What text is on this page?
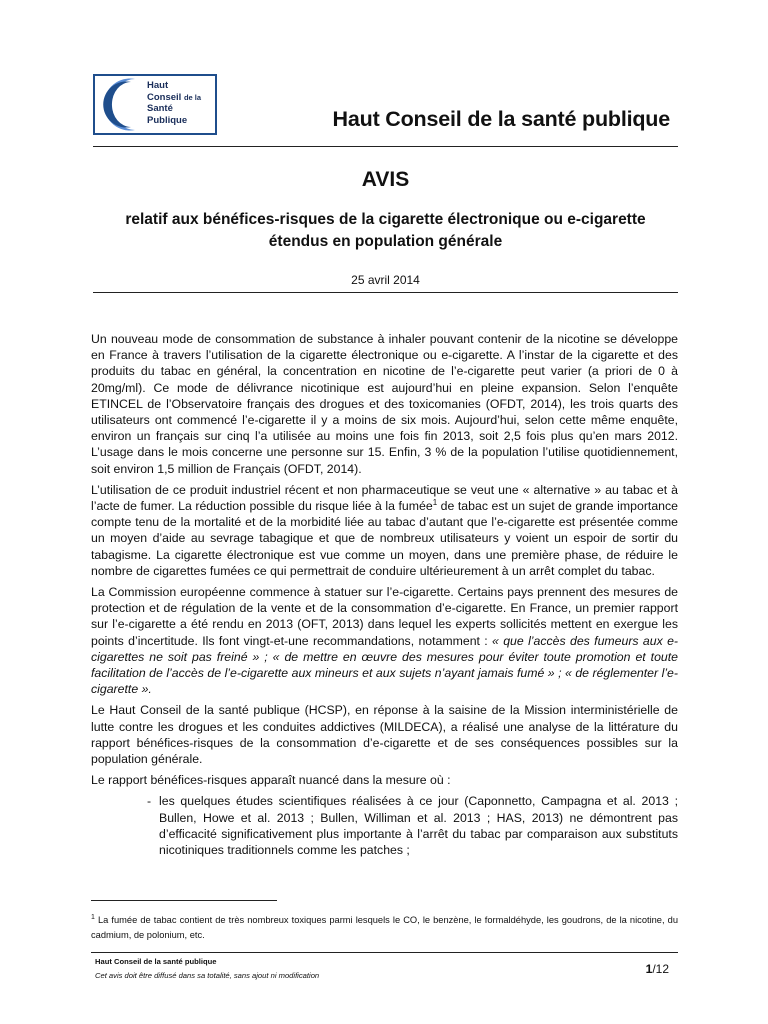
Haut
Conseil de la
Santé
Publique	Haut Conseil de la santé publique
AVIS
relatif aux bénéfices-risques de la cigarette électronique ou e-cigarette
étendus en population générale
25 avril 2014

Un nouveau mode de consommation de substance à inhaler pouvant contenir de la nicotine se développe en France à travers l’utilisation de la cigarette électronique ou e-cigarette. A l’instar de la cigarette et des produits du tabac en général, la concentration en nicotine de l’e-cigarette peut varier (a priori de 0 à 20mg/ml). Ce mode de délivrance nicotinique est aujourd’hui en pleine expansion. Selon l’enquête ETINCEL de l’Observatoire français des drogues et des toxicomanies (OFDT, 2014), les trois quarts des utilisateurs ont commencé l’e-cigarette il y a moins de six mois. Aujourd’hui, selon cette même enquête, environ un français sur cinq l’a utilisée au moins une fois fin 2013, soit 2,5 fois plus qu’en mars 2012. L’usage dans le mois concerne une personne sur 15. Enfin, 3 % de la population l’utilise quotidiennement, soit environ 1,5 million de Français (OFDT, 2014).

L’utilisation de ce produit industriel récent et non pharmaceutique se veut une « alternative » au tabac et à l’acte de fumer. La réduction possible du risque liée à la fumée$^1$ de tabac est un sujet de grande importance compte tenu de la mortalité et de la morbidité liée au tabac d’autant que l’e-cigarette est présentée comme un moyen d’aide au sevrage tabagique et que de nombreux utilisateurs y voient un espoir de sortir du tabagisme. La cigarette électronique est vue comme un moyen, dans une première phase, de réduire le nombre de cigarettes fumées ce qui permettrait de conduire ultérieurement à un arrêt complet du tabac.

La Commission européenne commence à statuer sur l’e-cigarette. Certains pays prennent des mesures de protection et de régulation de la vente et de la consommation d’e-cigarette. En France, un premier rapport sur l’e-cigarette a été rendu en 2013 (OFT, 2013) dans lequel les experts sollicités mettent en exergue les points d’incertitude. Ils font vingt-et-une recommandations, notamment : « que l’accès des fumeurs aux e-cigarettes ne soit pas freiné » ; « de mettre en œuvre des mesures pour éviter toute promotion et toute facilitation de l’accès de l’e-cigarette aux mineurs et aux sujets n’ayant jamais fumé » ; « de réglementer l’e-cigarette ».

Le Haut Conseil de la santé publique (HCSP), en réponse à la saisine de la Mission interministérielle de lutte contre les drogues et les conduites addictives (MILDECA), a réalisé une analyse de la littérature du rapport bénéfices-risques de la consommation d’e-cigarette et de ses conséquences possibles sur la population générale.

Le rapport bénéfices-risques apparaît nuancé dans la mesure où :

- les quelques études scientifiques réalisées à ce jour (Caponnetto, Campagna et al. 2013 ; Bullen, Howe et al. 2013 ; Bullen, Williman et al. 2013 ; HAS, 2013) ne démontrent pas d’efficacité significativement plus importante à l’arrêt du tabac par comparaison aux substituts nicotiniques traditionnels comme les patches ;
$^1$ La fumée de tabac contient de très nombreux toxiques parmi lesquels le CO, le benzène, le formaldéhyde, les goudrons, de la nicotine, du cadmium, de polonium, etc.
Haut Conseil de la santé publique
Cet avis doit être diffusé dans sa totalité, sans ajout ni modification	1/12
